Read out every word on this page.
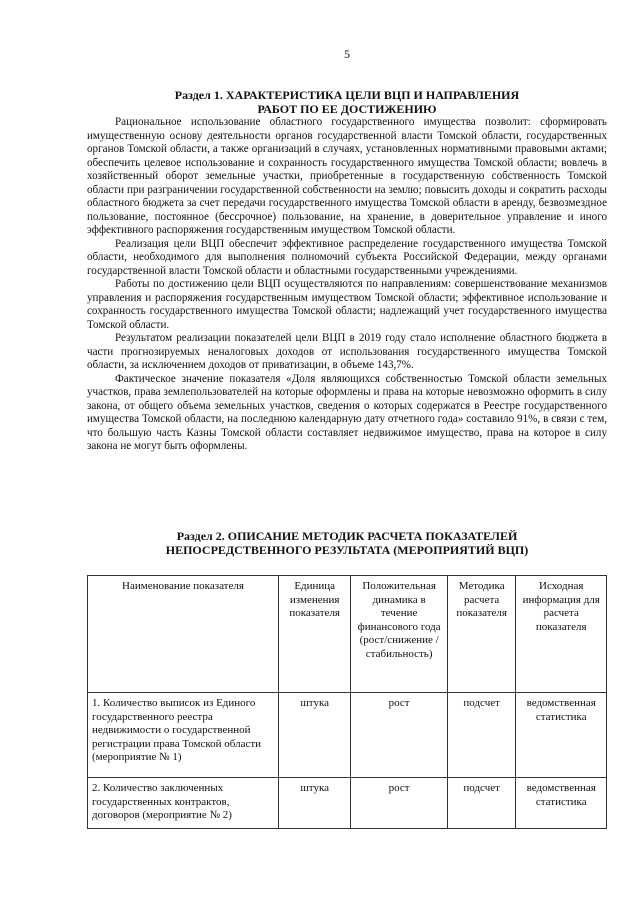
5
Раздел 1. ХАРАКТЕРИСТИКА ЦЕЛИ ВЦП И НАПРАВЛЕНИЯ
РАБОТ ПО ЕЕ ДОСТИЖЕНИЮ

Рациональное использование областного государственного имущества позволит: сформировать имущественную основу деятельности органов государственной власти Томской области, государственных органов Томской области, а также организаций в случаях, установленных нормативными правовыми актами; обеспечить целевое использование и сохранность государственного имущества Томской области; вовлечь в хозяйственный оборот земельные участки, приобретенные в государственную собственность Томской области при разграничении государственной собственности на землю; повысить доходы и сократить расходы областного бюджета за счет передачи государственного имущества Томской области в аренду, безвозмездное пользование, постоянное (бессрочное) пользование, на хранение, в доверительное управление и иного эффективного распоряжения государственным имуществом Томской области.

Реализация цели ВЦП обеспечит эффективное распределение государственного имущества Томской области, необходимого для выполнения полномочий субъекта Российской Федерации, между органами государственной власти Томской области и областными государственными учреждениями.

Работы по достижению цели ВЦП осуществляются по направлениям: совершенствование механизмов управления и распоряжения государственным имуществом Томской области; эффективное использование и сохранность государственного имущества Томской области; надлежащий учет государственного имущества Томской области.

Результатом реализации показателей цели ВЦП в 2019 году стало исполнение областного бюджета в части прогнозируемых неналоговых доходов от использования государственного имущества Томской области, за исключением доходов от приватизации, в объеме 143,7%.

Фактическое значение показателя «Доля являющихся собственностью Томской области земельных участков, права землепользователей на которые оформлены и права на которые невозможно оформить в силу закона, от общего объема земельных участков, сведения о которых содержатся в Реестре государственного имущества Томской области, на последнюю календарную дату отчетного года» составило 91%, в связи с тем, что большую часть Казны Томской области составляет недвижимое имущество, права на которое в силу закона не могут быть оформлены.

Раздел 2. ОПИСАНИЕ МЕТОДИК РАСЧЕТА ПОКАЗАТЕЛЕЙ
НЕПОСРЕДСТВЕННОГО РЕЗУЛЬТАТА (МЕРОПРИЯТИЙ ВЦП)
Наименование показателя	Единица изменения показателя	Положительная динамика в течение финансового года (рост/снижение /стабильность)	Методика расчета показателя	Исходная информация для расчета показателя
1. Количество выписок из Единого государственного реестра недвижимости о государственной регистрации права Томской области (мероприятие № 1)	штука	рост	подсчет	ведомственная статистика
2. Количество заключенных государственных контрактов, договоров (мероприятие № 2)	штука	рост	подсчет	ведомственная статистика
